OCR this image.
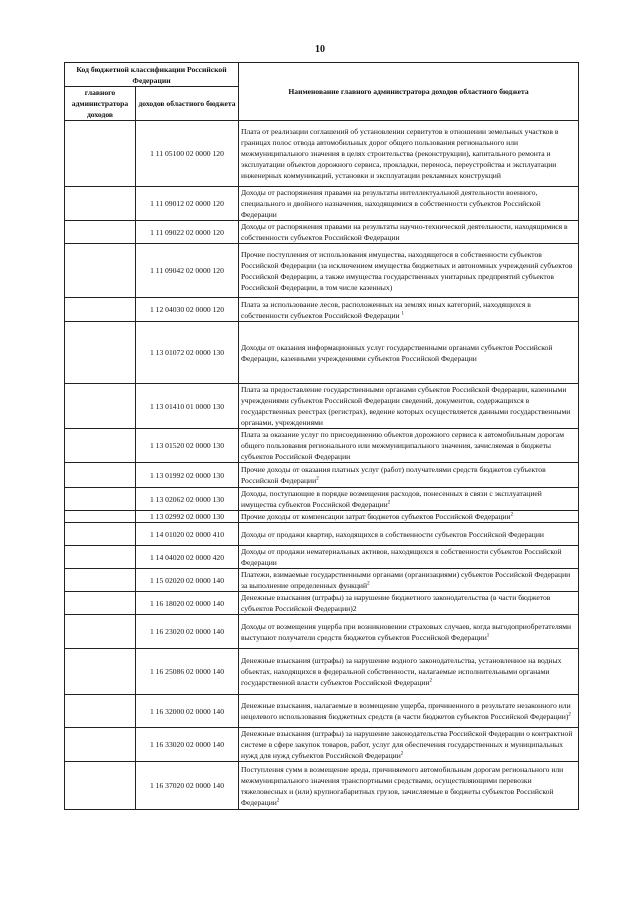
10
Код бюджетной классификации Российской Федерации		Наименование главного администратора доходов областного бюджета
главного администратора доходов	доходов областного бюджета	
	1 11 05100 02 0000 120	Плата от реализации соглашений об установлении сервитутов в отношении земельных участков в границах полос отвода автомобильных дорог общего пользования регионального или межмуниципального значения в целях строительства (реконструкции), капитального ремонта и эксплуатации объектов дорожного сервиса, прокладки, переноса, переустройства и эксплуатации инженерных коммуникаций, установки и эксплуатации рекламных конструкций
	1 11 09012 02 0000 120	Доходы от распоряжения правами на результаты интеллектуальной деятельности военного, специального и двойного назначения, находящимися в собственности субъектов Российской Федерации
	1 11 09022 02 0000 120	Доходы от распоряжения правами на результаты научно-технической деятельности, находящимися в собственности субъектов Российской Федерации
	1 11 09042 02 0000 120	Прочие поступления от использования имущества, находящегося в собственности субъектов Российской Федерации (за исключением имущества бюджетных и автономных учреждений субъектов Российской Федерации, а также имущества государственных унитарных предприятий субъектов Российской Федерации, в том числе казенных)
	1 12 04030 02 0000 120	Плата за использование лесов, расположенных на землях иных категорий, находящихся в собственности субъектов Российской Федерации $^1$
	1 13 01072 02 0000 130	Доходы от оказания информационных услуг государственными органами субъектов Российской Федерации, казенными учреждениями субъектов Российской Федерации
	1 13 01410 01 0000 130	Плата за предоставление государственными органами субъектов Российской Федерации, казенными учреждениями субъектов Российской Федерации сведений, документов, содержащихся в государственных реестрах (регистрах), ведение которых осуществляется данными государственными органами, учреждениями
	1 13 01520 02 0000 130	Плата за оказание услуг по присоединению объектов дорожного сервиса к автомобильным дорогам общего пользования регионального или межмуниципального значения, зачисляемая в бюджеты субъектов Российской Федерации
	1 13 01992 02 0000 130	Прочие доходы от оказания платных услуг (работ) получателями средств бюджетов субъектов Российской Федерации$^2$
	1 13 02062 02 0000 130	Доходы, поступающие в порядке возмещения расходов, понесенных в связи с эксплуатацией имущества субъектов Российской Федерации$^2$
	1 13 02992 02 0000 130	Прочие доходы от компенсации затрат бюджетов субъектов Российской Федерации$^2$
	1 14 01020 02 0000 410	Доходы от продажи квартир, находящихся в собственности субъектов Российской Федерации
	1 14 04020 02 0000 420	Доходы от продажи нематериальных активов, находящихся в собственности субъектов Российской Федерации
	1 15 02020 02 0000 140	Платежи, взимаемые государственными органами (организациями) субъектов Российской Федерации за выполнение определенных функций$^2$
	1 16 18020 02 0000 140	Денежные взыскания (штрафы) за нарушение бюджетного законодательства (в части бюджетов субъектов Российской Федерации)2
	1 16 23020 02 0000 140	Доходы от возмещения ущерба при возникновении страховых случаев, когда выгодоприобретателями выступают получатели средств бюджетов субъектов Российской Федерации$^1$
	1 16 25086 02 0000 140	Денежные взыскания (штрафы) за нарушение водного законодательства, установленное на водных объектах, находящихся в федеральной собственности, налагаемые исполнительными органами государственной власти субъектов Российской Федерации$^2$
	1 16 32000 02 0000 140	Денежные взыскания, налагаемые в возмещение ущерба, причиненного в результате незаконного или нецелевого использования бюджетных средств (в части бюджетов субъектов Российской Федерации)$^2$
	1 16 33020 02 0000 140	Денежные взыскания (штрафы) за нарушение законодательства Российской Федерации о контрактной системе в сфере закупок товаров, работ, услуг для обеспечения государственных и муниципальных нужд для нужд субъектов Российской Федерации$^2$
	1 16 37020 02 0000 140	Поступления сумм в возмещение вреда, причиняемого автомобильным дорогам регионального или межмуниципального значения транспортными средствами, осуществляющими перевозки тяжеловесных и (или) крупногабаритных грузов, зачисляемые в бюджеты субъектов Российской Федерации$^2$
